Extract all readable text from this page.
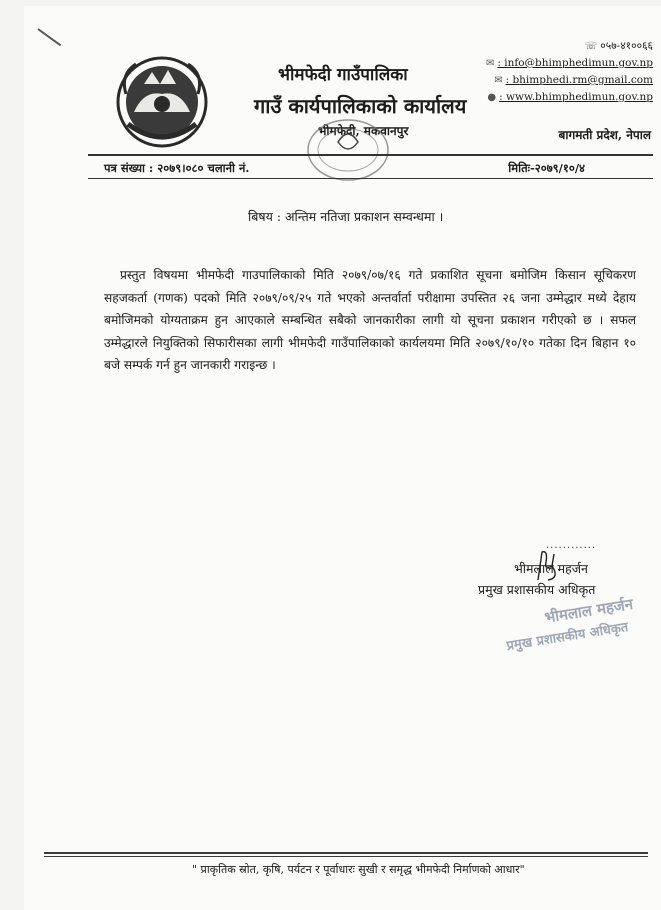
भीमफेदी गाउँपालिका
गाउँ कार्यपालिकाको कार्यालय
भीमफेदी, मकवानपुर
☏ ०५७-४१००६६
✉ : info@bhimphedimun.gov.np
✉ : bhimphedi.rm@gmail.com
● : www.bhimphedimun.gov.np
बागमती प्रदेश, नेपाल
पत्र संख्या : २०७९।०८० चलानी नं.	मितिः-२०७९/१०/४
बिषय : अन्तिम नतिजा प्रकाशन सम्वन्धमा ।

प्रस्तुत विषयमा भीमफेदी गाउपालिकाको मिति २०७९/०७/१६ गते प्रकाशित सूचना बमोजिम किसान सूचिकरण सहजकर्ता (गणक) पदको मिति २०७९/०९/२५ गते भएको अन्तर्वार्ता परीक्षामा उपस्तित २६ जना उम्मेद्धार मध्ये देहाय बमोजिमको योग्यताक्रम हुन आएकाले सम्बन्धित सबैको जानकारीका लागी यो सूचना प्रकाशन गरीएको छ । सफल उम्मेद्धारले नियुक्तिको सिफारीसका लागी भीमफेदी गाउँपालिकाको कार्यलयमा मिति २०७९/१०/१० गतेका दिन बिहान १० बजे सम्पर्क गर्न हुन जानकारी गराइन्छ ।

............
भीमलाल महर्जन
प्रमुख प्रशासकीय अधिकृत
भीमलाल महर्जन
प्रमुख प्रशासकीय अधिकृत
" प्राकृतिक स्रोत, कृषि, पर्यटन र पूर्वाधारः सुखी र समृद्ध भीमफेदी निर्माणको आधार"
